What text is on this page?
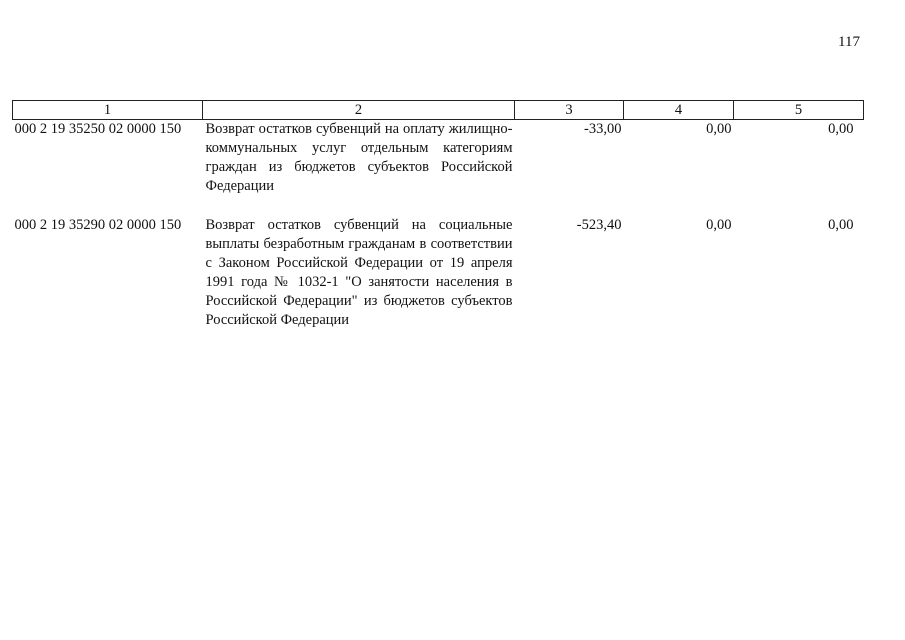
117
1	2	3	4	5
000 2 19 35250 02 0000 150	Возврат остатков субвенций на оплату жилищно-коммунальных услуг отдельным категориям граждан из бюджетов субъектов Российской Федерации	-33,00	0,00	0,00
000 2 19 35290 02 0000 150	Возврат остатков субвенций на социальные выплаты безработным гражданам в соответствии с Законом Российской Федерации от 19 апреля 1991 года № 1032-1 "О занятости населения в Российской Федерации" из бюджетов субъектов Российской Федерации	-523,40	0,00	0,00
